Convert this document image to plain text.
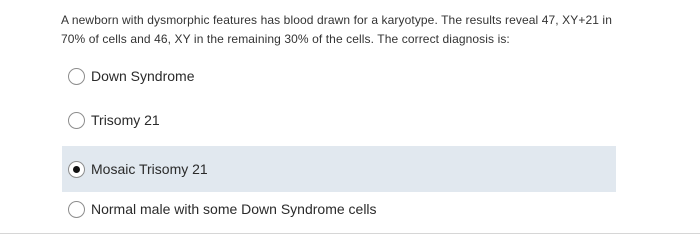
A newborn with dysmorphic features has blood drawn for a karyotype. The results reveal 47, XY+21 in
70% of cells and 46, XY in the remaining 30% of the cells. The correct diagnosis is:
Down Syndrome
Trisomy 21
Mosaic Trisomy 21
Normal male with some Down Syndrome cells
